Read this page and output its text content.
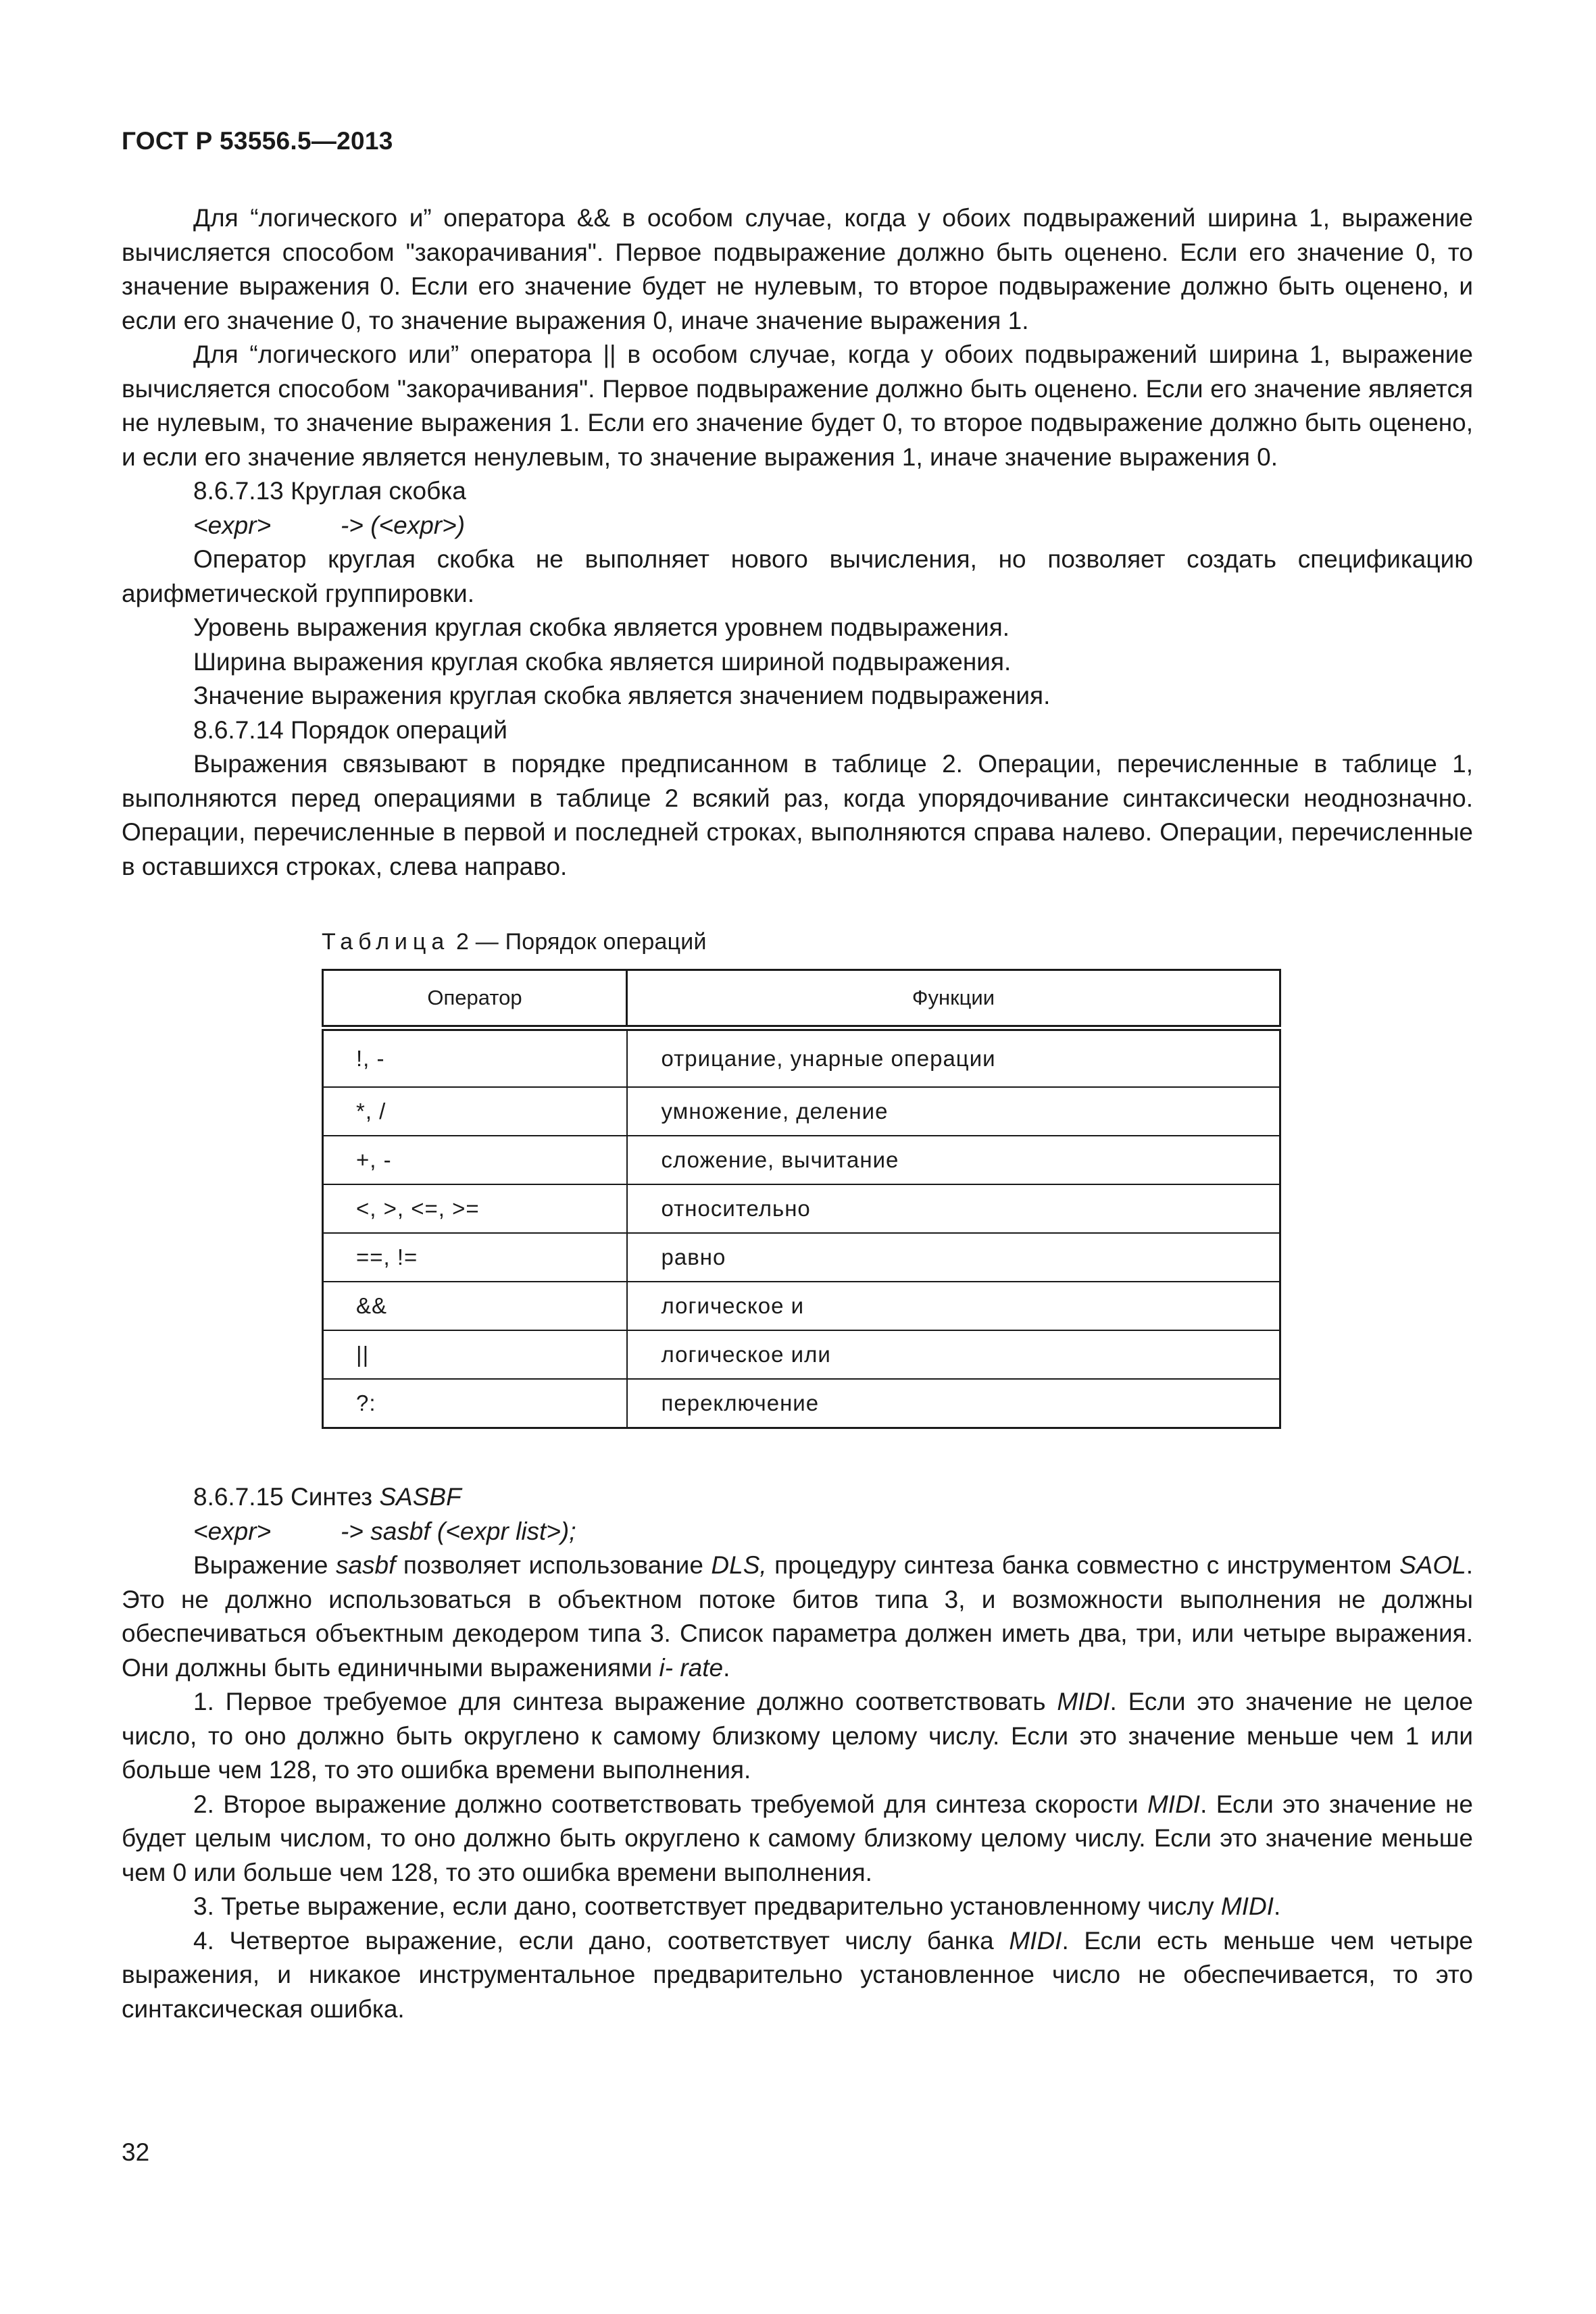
ГОСТ Р 53556.5—2013

Для “логического и” оператора && в особом случае, когда у обоих подвыражений ширина 1, выражение вычисляется способом "закорачивания". Первое подвыражение должно быть оценено. Если его значение 0, то значение выражения 0. Если его значение будет не нулевым, то второе подвыражение должно быть оценено, и если его значение 0, то значение выражения 0, иначе значение выражения 1.

Для “логического или” оператора || в особом случае, когда у обоих подвыражений ширина 1, выражение вычисляется способом "закорачивания". Первое подвыражение должно быть оценено. Если его значение является не нулевым, то значение выражения 1. Если его значение будет 0, то второе подвыражение должно быть оценено, и если его значение является ненулевым, то значение выражения 1, иначе значение выражения 0.

8.6.7.13 Круглая скобка

<expr>          -> (<expr>)

Оператор круглая скобка не выполняет нового вычисления, но позволяет создать спецификацию арифметической группировки.

Уровень выражения круглая скобка является уровнем подвыражения.

Ширина выражения круглая скобка является шириной подвыражения.

Значение выражения круглая скобка является значением подвыражения.

8.6.7.14 Порядок операций

Выражения связывают в порядке предписанном в таблице 2. Операции, перечисленные в таблице 1, выполняются перед операциями в таблице 2 всякий раз, когда упорядочивание синтаксически неоднозначно. Операции, перечисленные в первой и последней строках, выполняются справа налево. Операции, перечисленные в оставшихся строках, слева направо.

Таблица 2 — Порядок операций
Оператор	Функции
!, -	отрицание, унарные операции
*, /	умножение, деление
+, -	сложение, вычитание
<, >, <=, >=	относительно
==, !=	равно
&&	логическое и
||	логическое или
?:	переключение

8.6.7.15 Синтез SASBF

<expr>          -> sasbf (<expr list>);

Выражение sasbf позволяет использование DLS, процедуру синтеза банка совместно с инструментом SAOL. Это не должно использоваться в объектном потоке битов типа 3, и возможности выполнения не должны обеспечиваться объектным декодером типа 3. Список параметра должен иметь два, три, или четыре выражения. Они должны быть единичными выражениями i- rate.

1. Первое требуемое для синтеза выражение должно соответствовать MIDI. Если это значение не целое число, то оно должно быть округлено к самому близкому целому числу. Если это значение меньше чем 1 или больше чем 128, то это ошибка времени выполнения.

2. Второе выражение должно соответствовать требуемой для синтеза скорости MIDI. Если это значение не будет целым числом, то оно должно быть округлено к самому близкому целому числу. Если это значение меньше чем 0 или больше чем 128, то это ошибка времени выполнения.

3. Третье выражение, если дано, соответствует предварительно установленному числу MIDI.

4. Четвертое выражение, если дано, соответствует числу банка MIDI. Если есть меньше чем четыре выражения, и никакое инструментальное предварительно установленное число не обеспечивается, то это синтаксическая ошибка.

32
